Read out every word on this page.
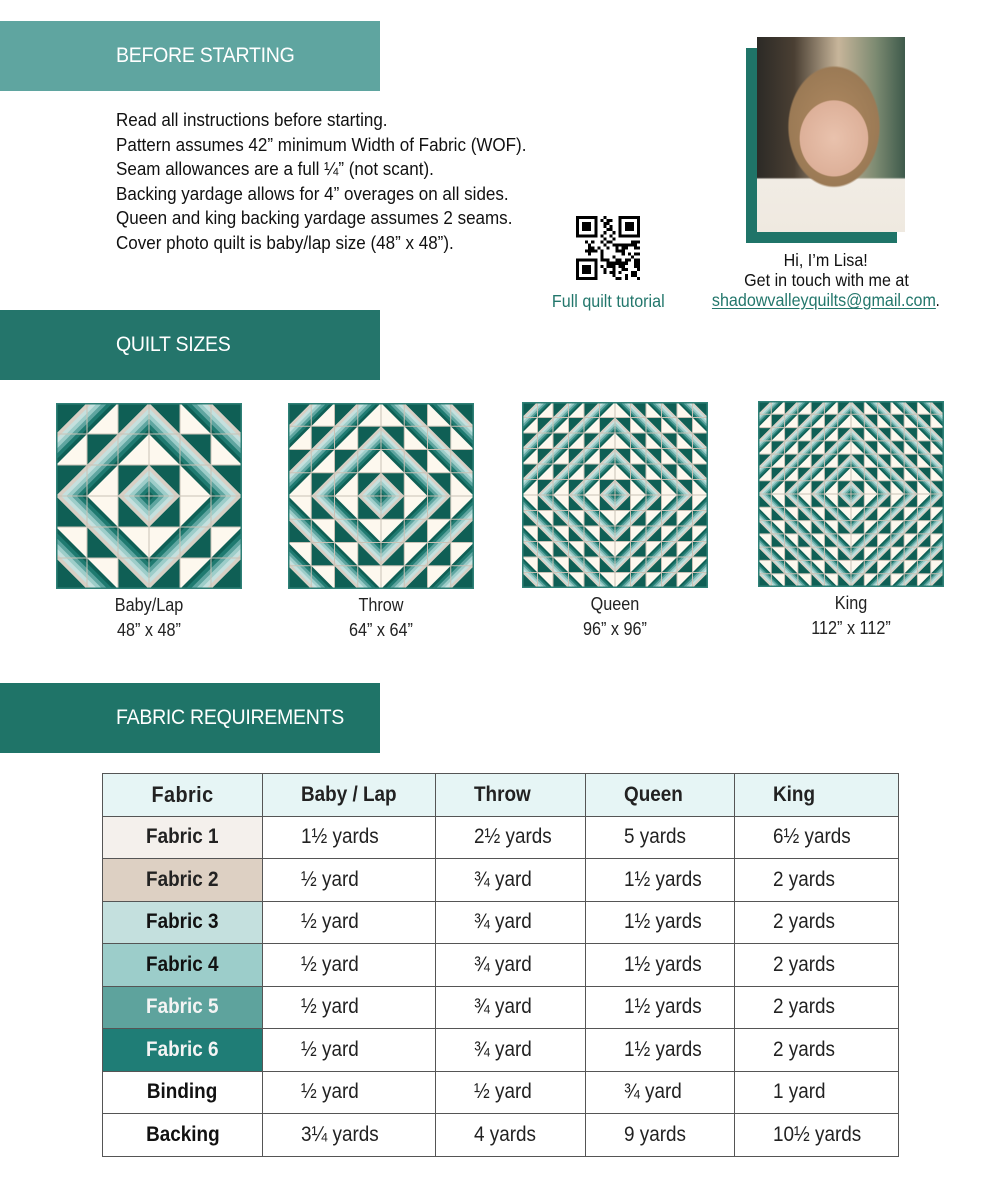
BEFORE STARTING
Read all instructions before starting.
Pattern assumes 42” minimum Width of Fabric (WOF).
Seam allowances are a full ¼” (not scant).
Backing yardage allows for 4” overages on all sides.
Queen and king backing yardage assumes 2 seams.
Cover photo quilt is baby/lap size (48” x 48”).
Full quilt tutorial
Hi, I’m Lisa!
Get in touch with me at
shadowvalleyquilts@gmail.com.
QUILT SIZES
Baby/Lap
48” x 48”
Throw
64” x 64”
Queen
96” x 96”
King
112” x 112”
FABRIC REQUIREMENTS
Fabric	Baby / Lap	Throw	Queen	King
Fabric 1	1½ yards	2½ yards	5 yards	6½ yards
Fabric 2	½ yard	¾ yard	1½ yards	2 yards
Fabric 3	½ yard	¾ yard	1½ yards	2 yards
Fabric 4	½ yard	¾ yard	1½ yards	2 yards
Fabric 5	½ yard	¾ yard	1½ yards	2 yards
Fabric 6	½ yard	¾ yard	1½ yards	2 yards
Binding	½ yard	½ yard	¾ yard	1 yard
Backing	3¼ yards	4 yards	9 yards	10½ yards
